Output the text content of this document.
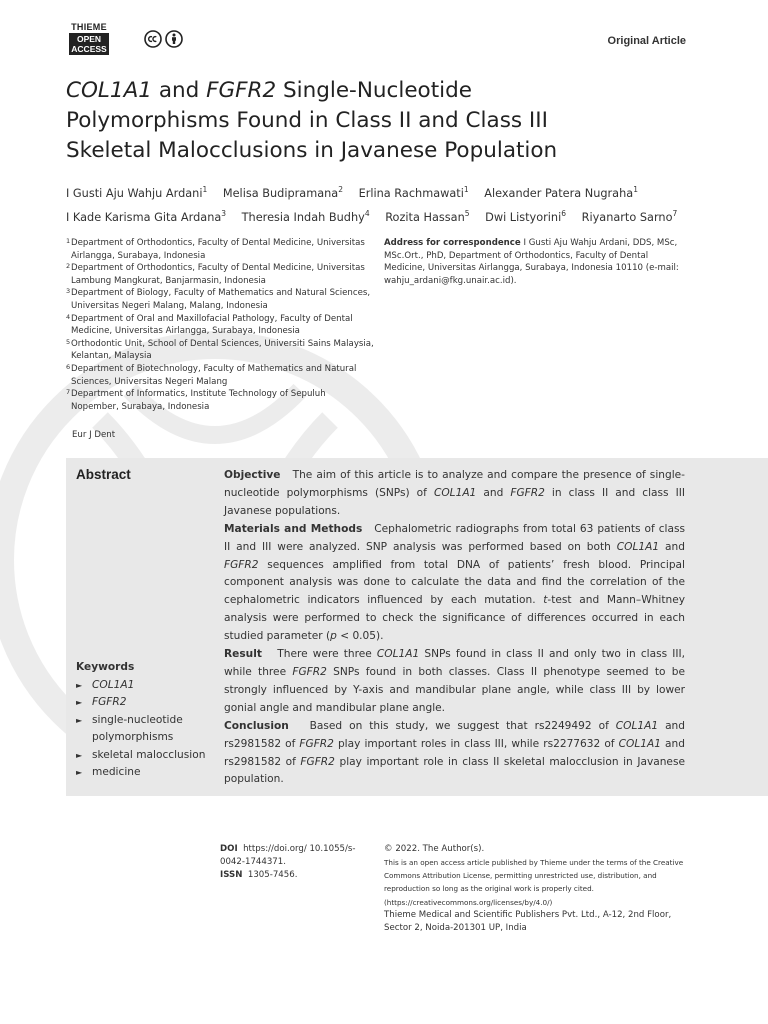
THIEME
OPEN
ACCESS
Original Article
COL1A1 and FGFR2 Single-Nucleotide
Polymorphisms Found in Class II and Class III
Skeletal Malocclusions in Javanese Population
I Gusti Aju Wahju Ardani$^1$ Melisa Budipramana$^2$ Erlina Rachmawati$^1$ Alexander Patera Nugraha$^1$
I Kade Karisma Gita Ardana$^3$ Theresia Indah Budhy$^4$ Rozita Hassan$^5$ Dwi Listyorini$^6$ Riyanarto Sarno$^7$
1 Department of Orthodontics, Faculty of Dental Medicine, Universitas Airlangga, Surabaya, Indonesia
2 Department of Orthodontics, Faculty of Dental Medicine, Universitas Lambung Mangkurat, Banjarmasin, Indonesia
3 Department of Biology, Faculty of Mathematics and Natural Sciences, Universitas Negeri Malang, Malang, Indonesia
4 Department of Oral and Maxillofacial Pathology, Faculty of Dental Medicine, Universitas Airlangga, Surabaya, Indonesia
5 Orthodontic Unit, School of Dental Sciences, Universiti Sains Malaysia, Kelantan, Malaysia
6 Department of Biotechnology, Faculty of Mathematics and Natural Sciences, Universitas Negeri Malang
7 Department of Informatics, Institute Technology of Sepuluh Nopember, Surabaya, Indonesia
Address for correspondence I Gusti Aju Wahju Ardani, DDS, MSc, MSc.Ort., PhD, Department of Orthodontics, Faculty of Dental Medicine, Universitas Airlangga, Surabaya, Indonesia 10110 (e-mail: wahju_ardani@fkg.unair.ac.id).
Eur J Dent
Abstract	Objective The aim of this article is to analyze and compare the presence of single-nucleotide polymorphisms (SNPs) of COL1A1 and FGFR2 in class II and class III Javanese populations.

Materials and Methods Cephalometric radiographs from total 63 patients of class II and III were analyzed. SNP analysis was performed based on both COL1A1 and FGFR2 sequences amplified from total DNA of patients’ fresh blood. Principal component analysis was done to calculate the data and find the correlation of the cephalometric indicators influenced by each mutation. t-test and Mann–Whitney analysis were performed to check the significance of differences occurred in each studied parameter (p < 0.05).

Result There were three COL1A1 SNPs found in class II and only two in class III, while three FGFR2 SNPs found in both classes. Class II phenotype seemed to be strongly influenced by Y-axis and mandibular plane angle, while class III by lower gonial angle and mandibular plane angle.

Conclusion Based on this study, we suggest that rs2249492 of COL1A1 and rs2981582 of FGFR2 play important roles in class III, while rs2277632 of COL1A1 and rs2981582 of FGFR2 play important role in class II skeletal malocclusion in Javanese population.

Keywords
► COL1A1
► FGFR2
► single-nucleotide polymorphisms
► skeletal malocclusion
► medicine
DOI https://doi.org/ 10.1055/s-0042-1744371.
ISSN 1305-7456.
© 2022. The Author(s).
This is an open access article published by Thieme under the terms of the Creative Commons Attribution License, permitting unrestricted use, distribution, and reproduction so long as the original work is properly cited. (https://creativecommons.org/licenses/by/4.0/)
Thieme Medical and Scientific Publishers Pvt. Ltd., A-12, 2nd Floor, Sector 2, Noida-201301 UP, India
